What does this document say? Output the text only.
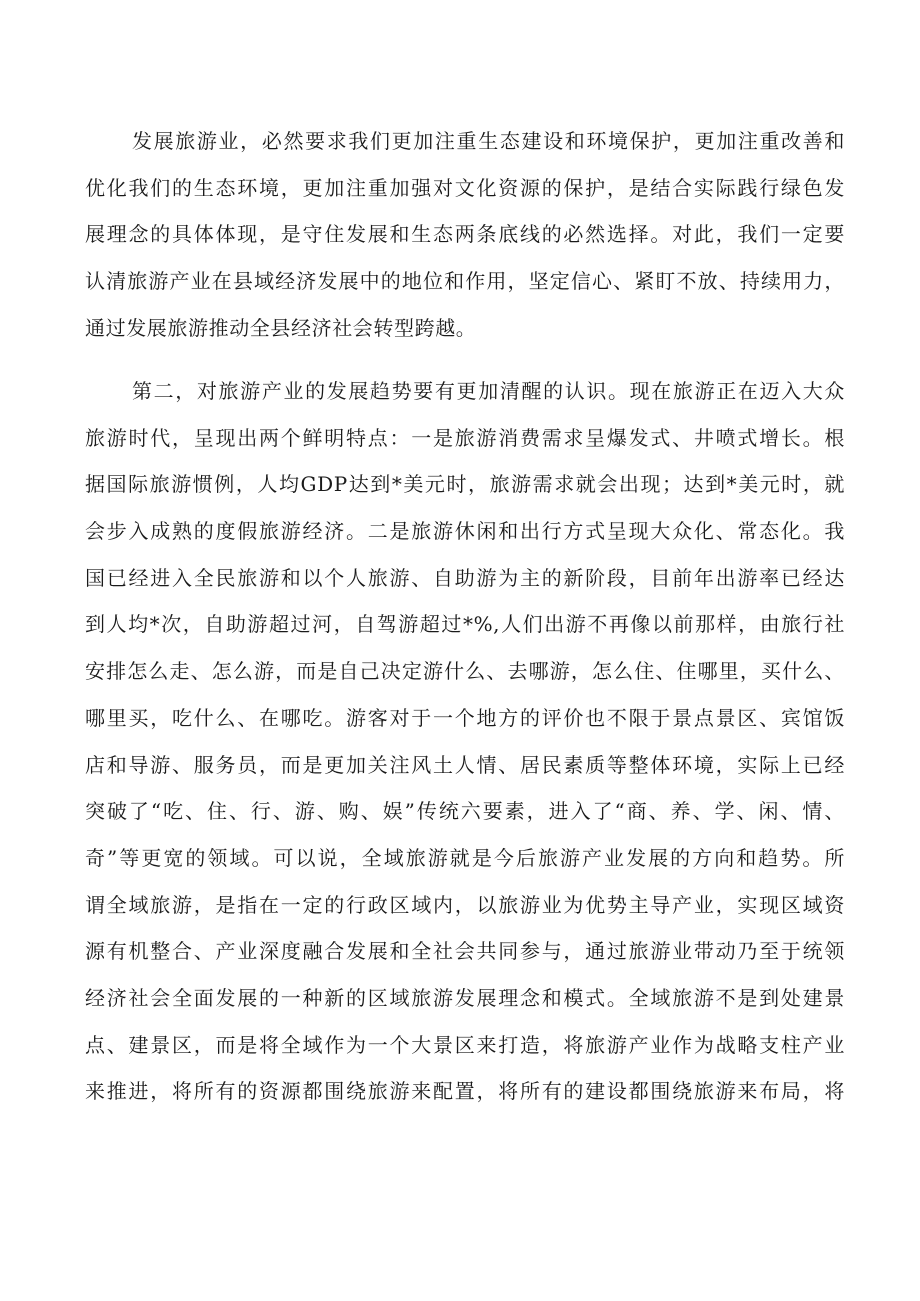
发展旅游业，必然要求我们更加注重生态建设和环境保护，更加注重改善和
优化我们的生态环境，更加注重加强对文化资源的保护，是结合实际践行绿色发
展理念的具体体现，是守住发展和生态两条底线的必然选择。对此，我们一定要
认清旅游产业在县域经济发展中的地位和作用，坚定信心、紧盯不放、持续用力，
通过发展旅游推动全县经济社会转型跨越。
第二，对旅游产业的发展趋势要有更加清醒的认识。现在旅游正在迈入大众
旅游时代，呈现出两个鲜明特点：一是旅游消费需求呈爆发式、井喷式增长。根
据国际旅游惯例，人均GDP达到*美元时，旅游需求就会出现；达到*美元时，就
会步入成熟的度假旅游经济。二是旅游休闲和出行方式呈现大众化、常态化。我
国已经进入全民旅游和以个人旅游、自助游为主的新阶段，目前年出游率已经达
到人均*次，自助游超过河，自驾游超过*%,人们出游不再像以前那样，由旅行社
安排怎么走、怎么游，而是自己决定游什么、去哪游，怎么住、住哪里，买什么、
哪里买，吃什么、在哪吃。游客对于一个地方的评价也不限于景点景区、宾馆饭
店和导游、服务员，而是更加关注风土人情、居民素质等整体环境，实际上已经
突破了“吃、住、行、游、购、娱”传统六要素，进入了“商、养、学、闲、情、
奇”等更宽的领域。可以说，全域旅游就是今后旅游产业发展的方向和趋势。所
谓全域旅游，是指在一定的行政区域内，以旅游业为优势主导产业，实现区域资
源有机整合、产业深度融合发展和全社会共同参与，通过旅游业带动乃至于统领
经济社会全面发展的一种新的区域旅游发展理念和模式。全域旅游不是到处建景
点、建景区，而是将全域作为一个大景区来打造，将旅游产业作为战略支柱产业
来推进，将所有的资源都围绕旅游来配置，将所有的建设都围绕旅游来布局，将
